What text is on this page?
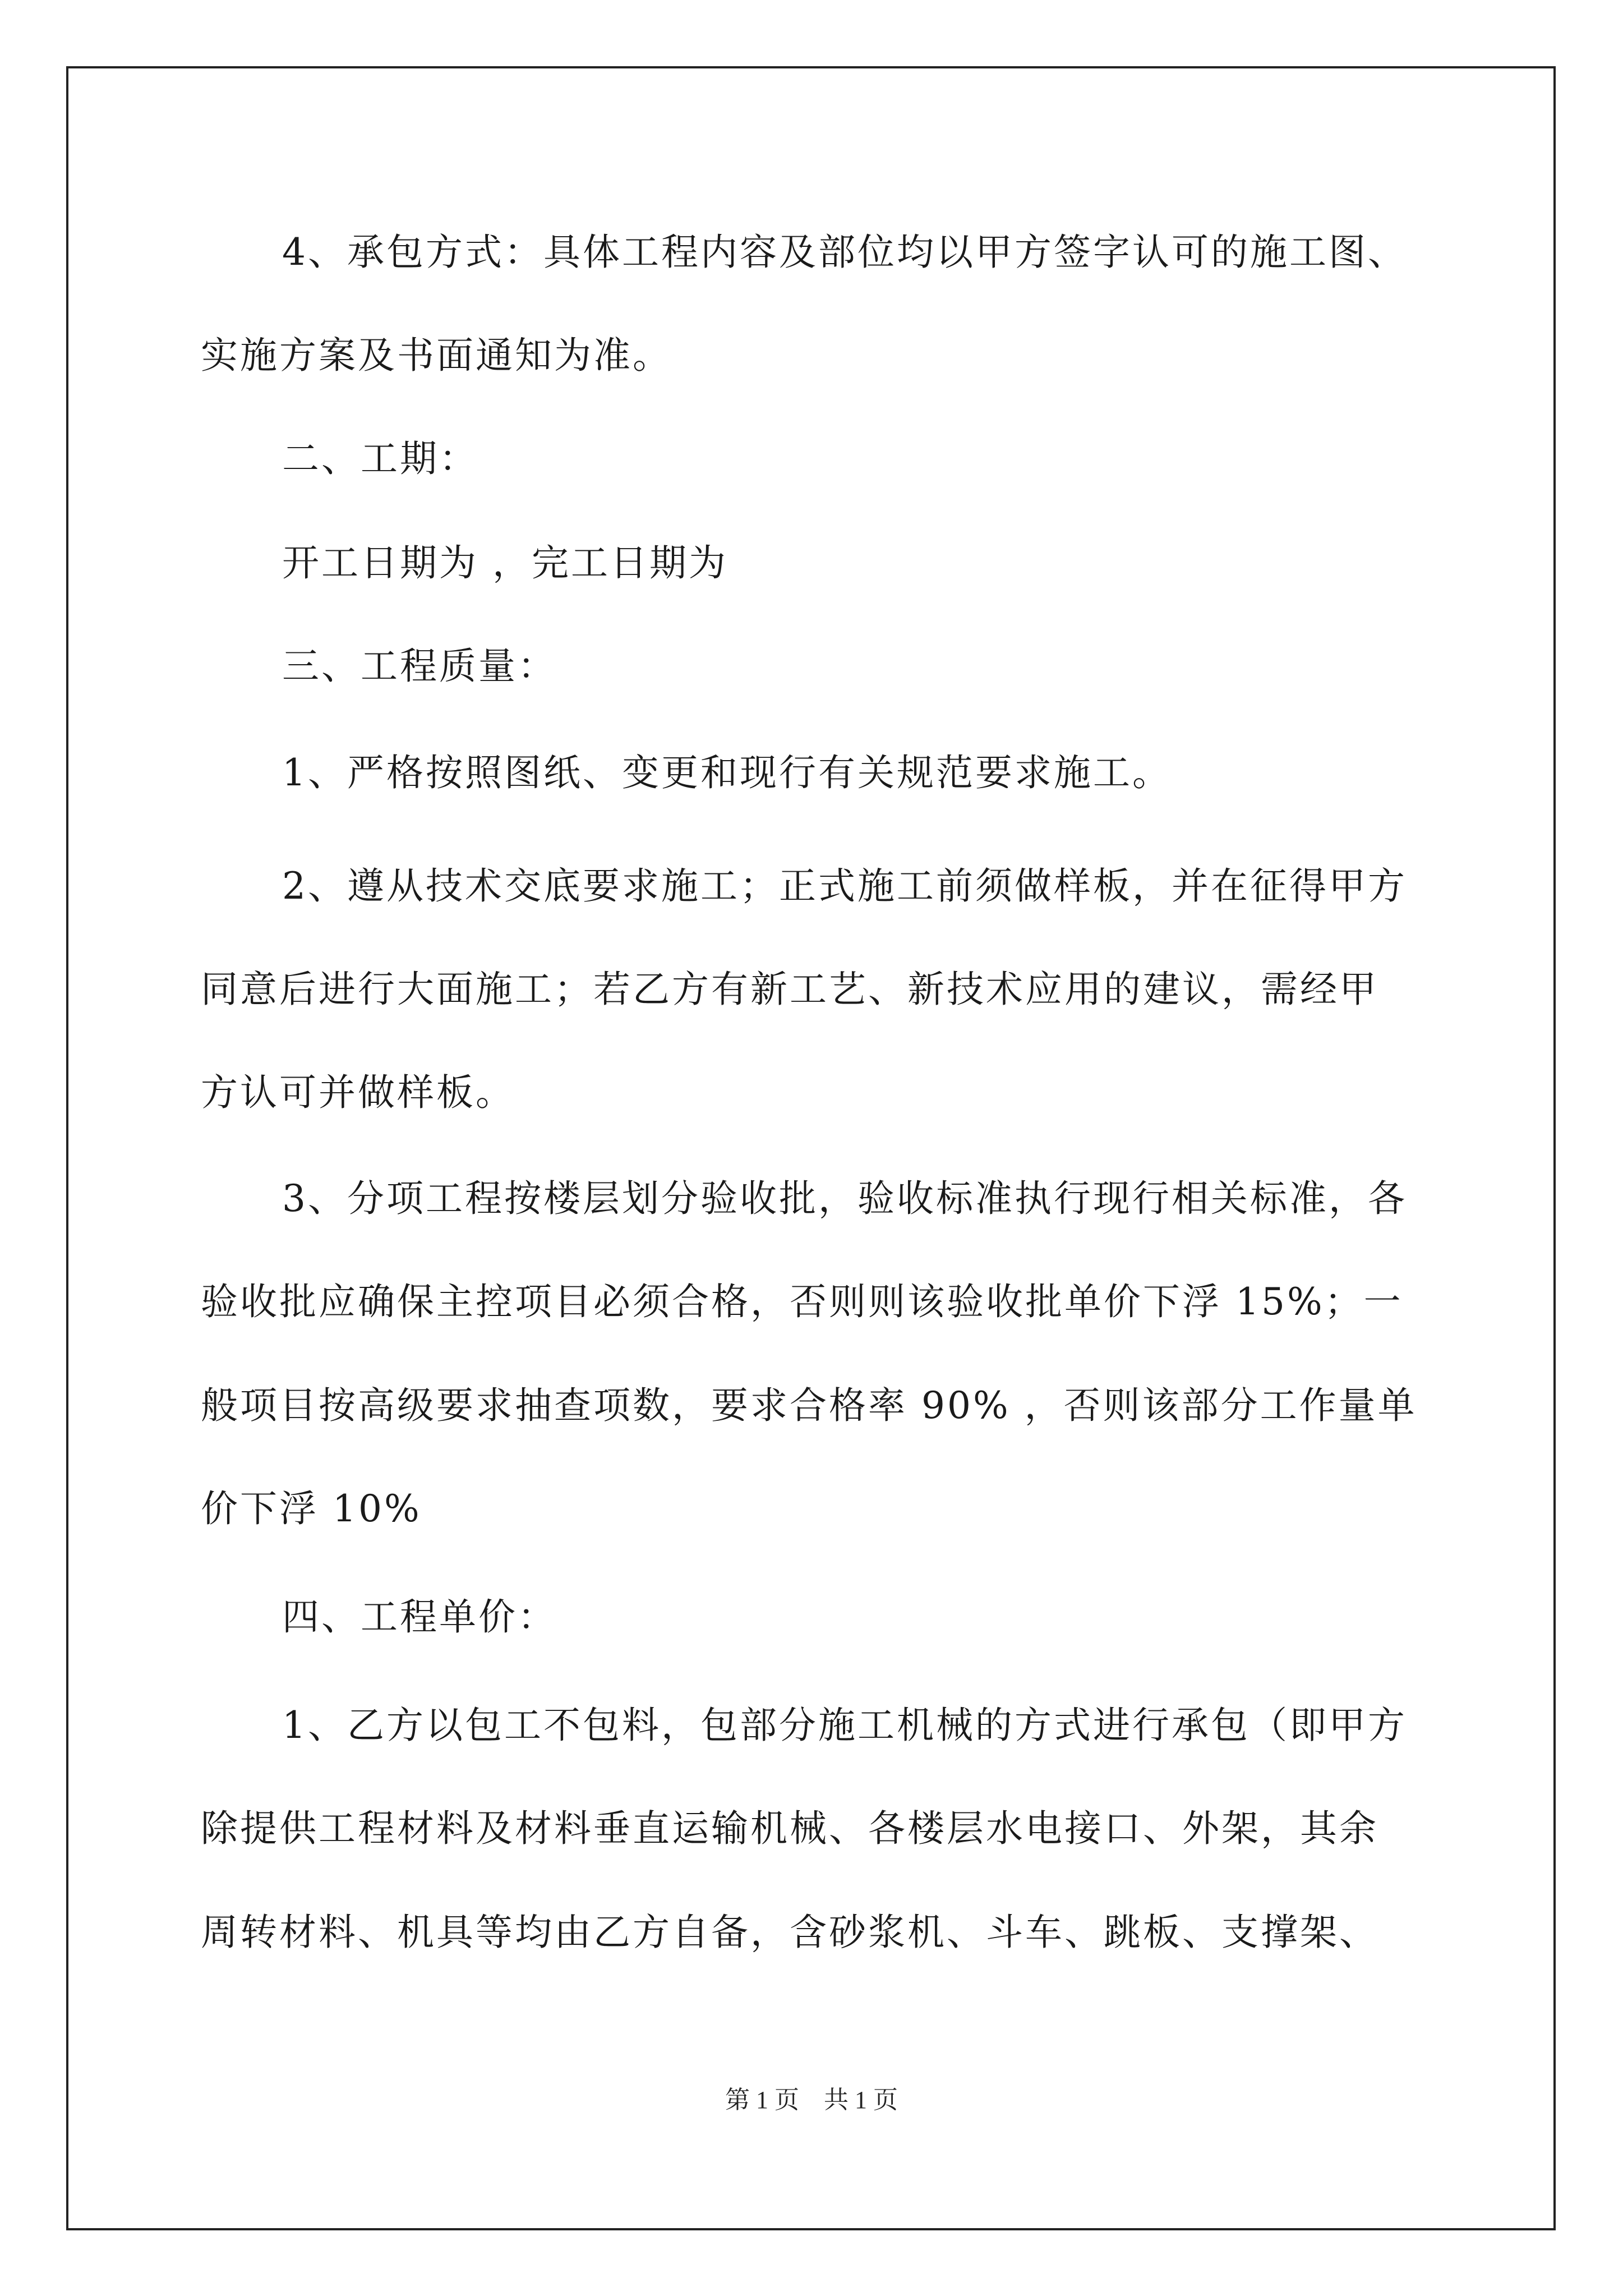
4、承包方式：具体工程内容及部位均以甲方签字认可的施工图、
实施方案及书面通知为准。
二、工期：
开工日期为 ，完工日期为
三、工程质量：
1、严格按照图纸、变更和现行有关规范要求施工。
2、遵从技术交底要求施工；正式施工前须做样板，并在征得甲方
同意后进行大面施工；若乙方有新工艺、新技术应用的建议，需经甲
方认可并做样板。
3、分项工程按楼层划分验收批，验收标准执行现行相关标准，各
验收批应确保主控项目必须合格，否则则该验收批单价下浮 15%；一
般项目按高级要求抽查项数，要求合格率 90% ，否则该部分工作量单
价下浮 10%
四、工程单价：
1、乙方以包工不包料，包部分施工机械的方式进行承包（即甲方
除提供工程材料及材料垂直运输机械、各楼层水电接口、外架，其余
周转材料、机具等均由乙方自备，含砂浆机、斗车、跳板、支撑架、
第 1 页　共 1 页
